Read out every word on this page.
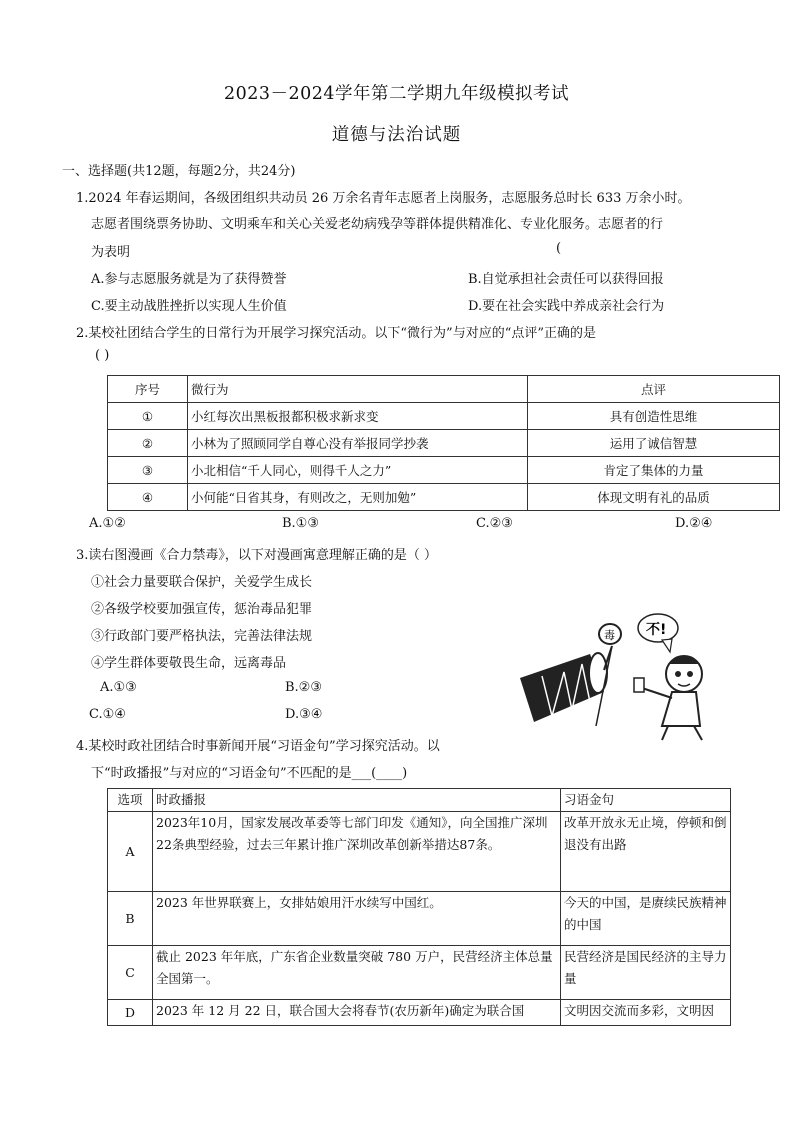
2023－2024学年第二学期九年级模拟考试
道德与法治试题
一、选择题(共12题，每题2分，共24分)
1.2024 年春运期间，各级团组织共动员 26 万余名青年志愿者上岗服务，志愿服务总时长 633 万余小时。
志愿者围绕票务协助、文明乘车和关心关爱老幼病残孕等群体提供精准化、专业化服务。志愿者的行
为表明	(
A.参与志愿服务就是为了获得赞誉	B.自觉承担社会责任可以获得回报
C.要主动战胜挫折以实现人生价值	D.要在社会实践中养成亲社会行为
2.某校社团结合学生的日常行为开展学习探究活动。以下“微行为”与对应的“点评”正确的是
( )
序号	微行为	点评
①	小红每次出黑板报都积极求新求变	具有创造性思维
②	小林为了照顾同学自尊心没有举报同学抄袭	运用了诚信智慧
③	小北相信“千人同心，则得千人之力”	肯定了集体的力量
④	小何能“日省其身，有则改之，无则加勉”	体现文明有礼的品质
A.①②	B.①③	C.②③	D.②④
3.读右图漫画《合力禁毒》，以下对漫画寓意理解正确的是（ ）
①社会力量要联合保护，关爱学生成长
②各级学校要加强宣传，惩治毒品犯罪
③行政部门要严格执法，完善法律法规
④学生群体要敬畏生命，远离毒品
A.①③	B.②③
C.①④	D.③④
毒 不!
4.某校时政社团结合时事新闻开展“习语金句”学习探究活动。以
下“时政播报”与对应的“习语金句”不匹配的是___(____)
选项	时政播报	习语金句
A	2023年10月，国家发展改革委等七部门印发《通知》，向全国推广深圳22条典型经验，过去三年累计推广深圳改革创新举措达87条。	改革开放永无止境，停顿和倒退没有出路
B	2023 年世界联赛上，女排姑娘用汗水续写中国红。	今天的中国，是赓续民族精神的中国
C	截止 2023 年年底，广东省企业数量突破 780 万户，民营经济主体总量全国第一。	民营经济是国民经济的主导力量
D	2023 年 12 月 22 日，联合国大会将春节(农历新年)确定为联合国	文明因交流而多彩，文明因
